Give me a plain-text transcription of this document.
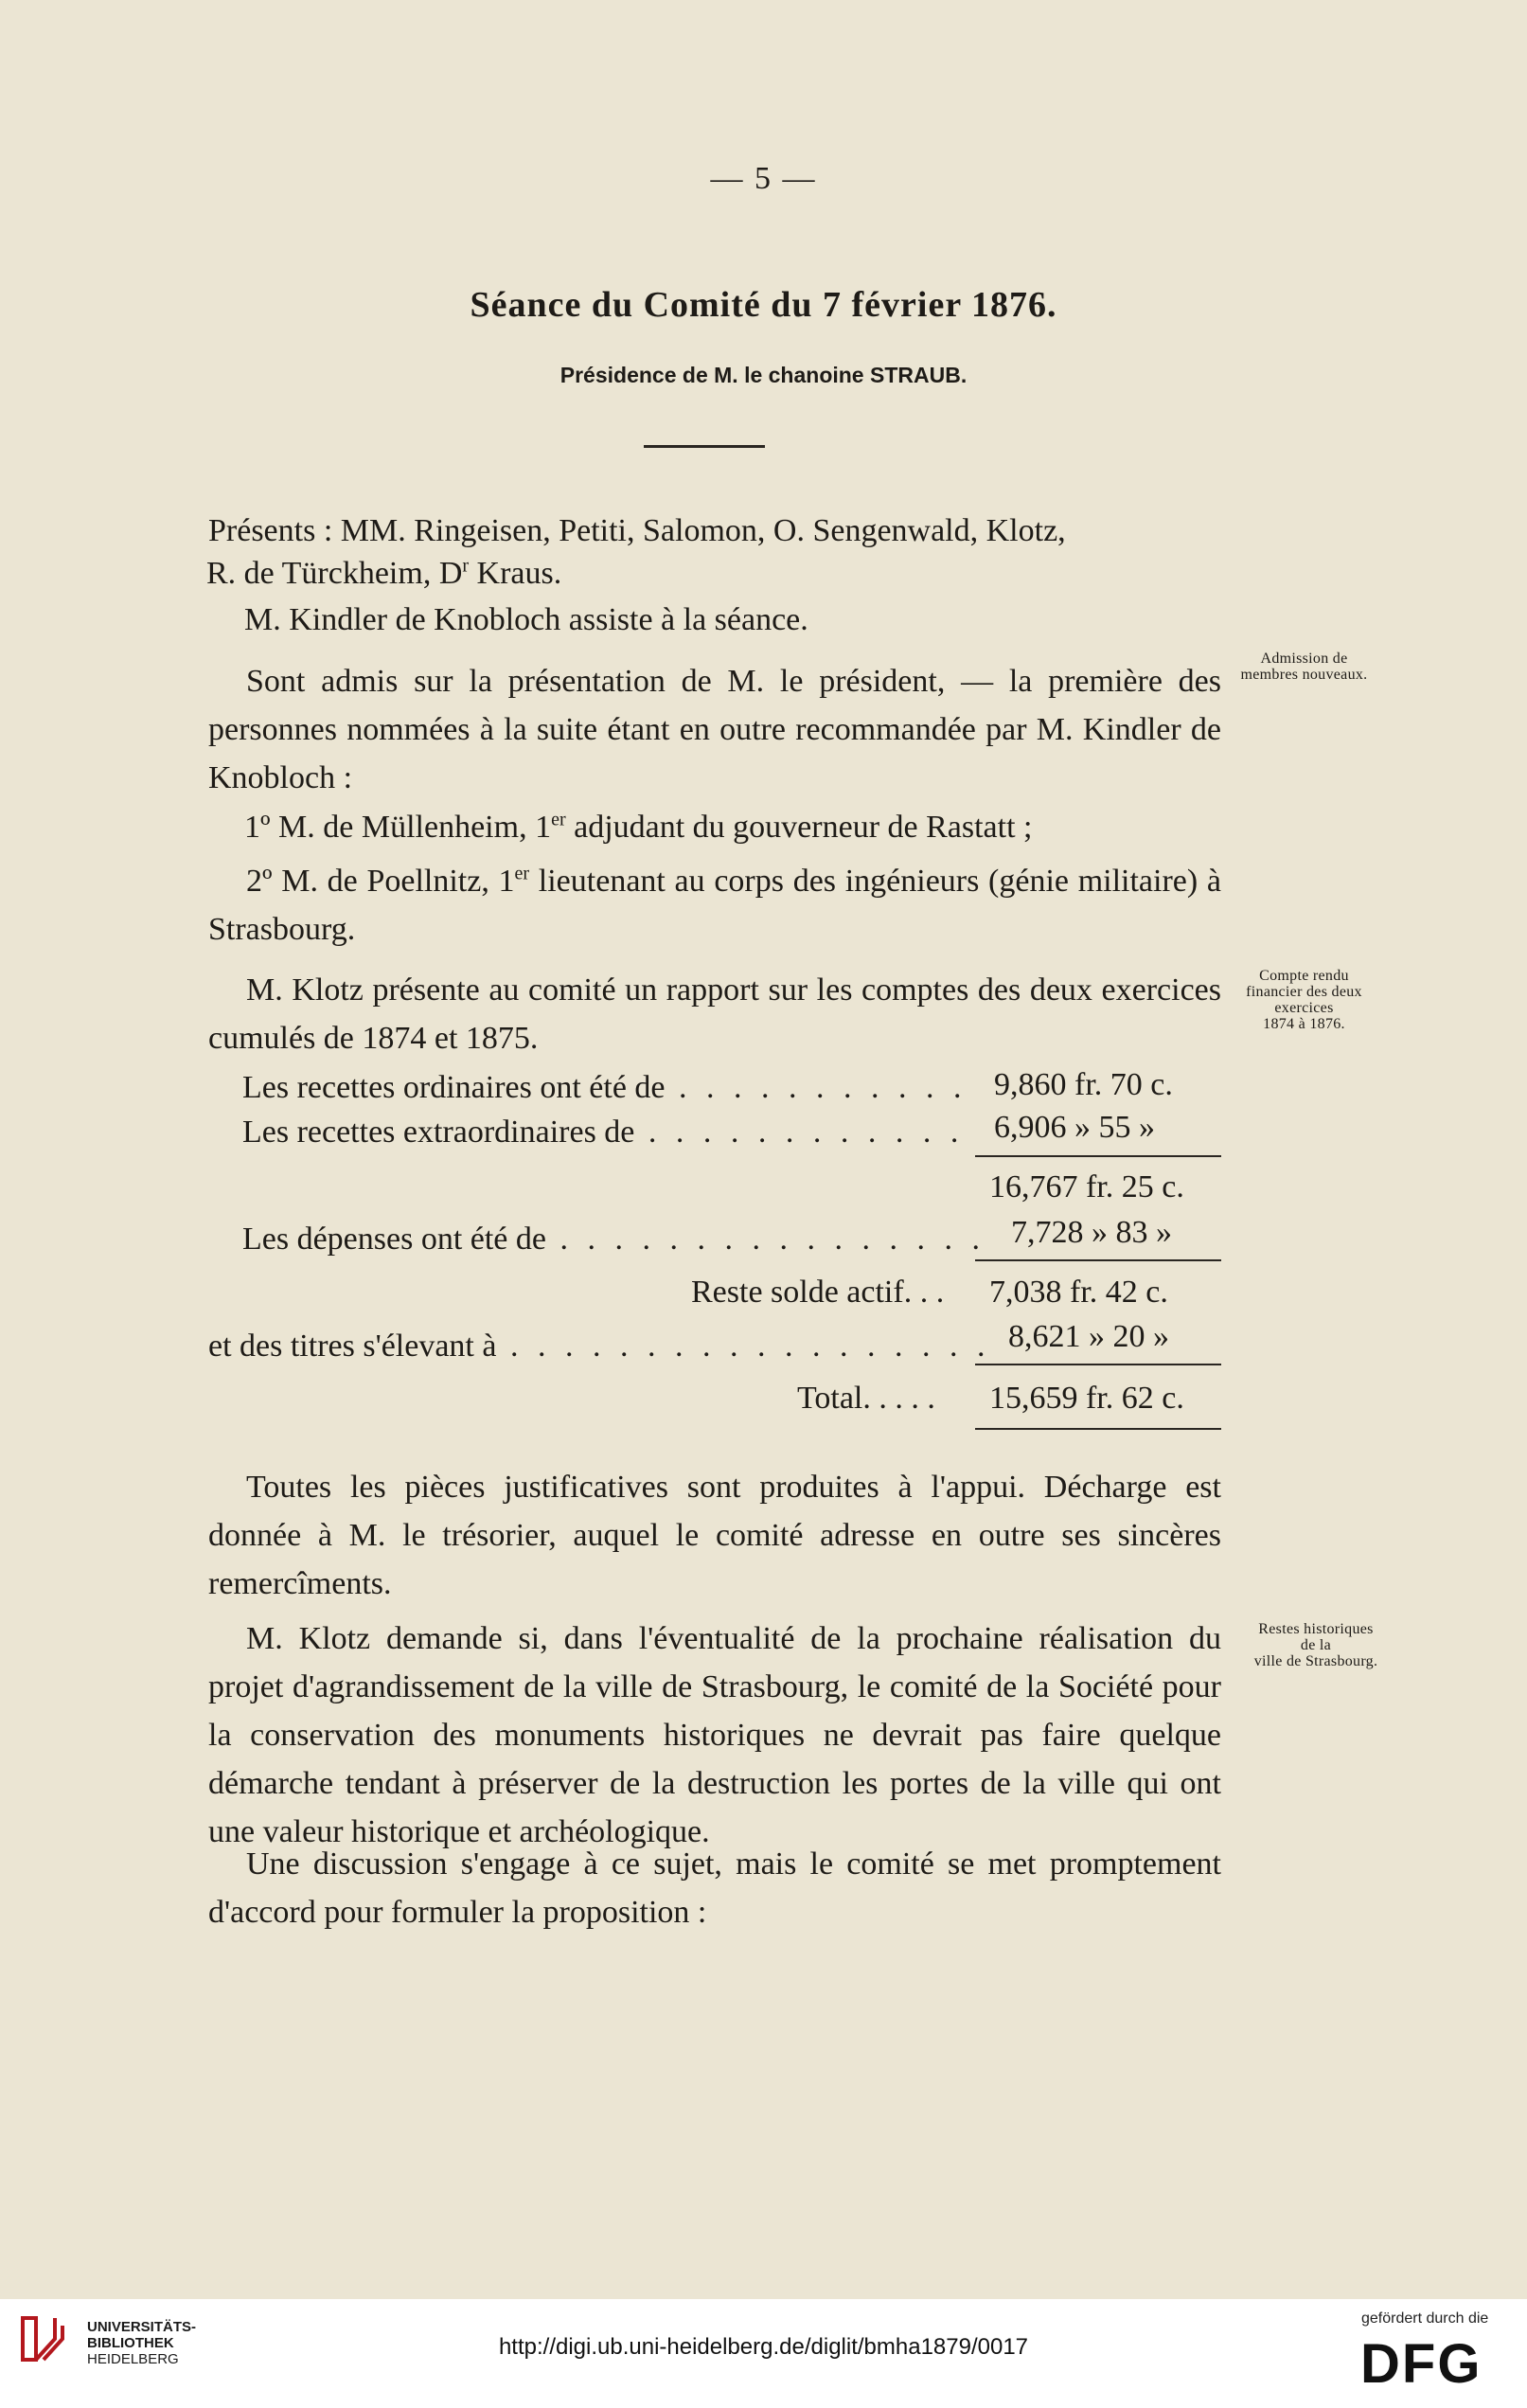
— 5 —
Séance du Comité du 7 février 1876.
Présidence de M. le chanoine STRAUB.
Présents : MM. Ringeisen, Petiti, Salomon, O. Sengenwald, Klotz,
R. de Türckheim, $D^r$ Kraus.
M. Kindler de Knobloch assiste à la séance.
Sont admis sur la présentation de M. le président, — la première des personnes nommées à la suite étant en outre recommandée par M. Kindler de Knobloch :
1º M. de Müllenheim, 1er adjudant du gouverneur de Rastatt ;
2º M. de Poellnitz, 1er lieutenant au corps des ingénieurs (génie militaire) à Strasbourg.
M. Klotz présente au comité un rapport sur les comptes des deux exercices cumulés de 1874 et 1875.
Les recettes ordinaires ont été de . . . . . . . . . . . 9,860 fr. 70 c.
Les recettes extraordinaires de . . . . . . . . . . . . 6,906 » 55 »
16,767 fr. 25 c.
Les dépenses ont été de . . . . . . . . . . . . . . . . 7,728 » 83 »
Reste solde actif. . . 7,038 fr. 42 c.
et des titres s'élevant à . . . . . . . . . . . . . . . . . . 8,621 » 20 »
Total. . . . . 15,659 fr. 62 c.
Toutes les pièces justificatives sont produites à l'appui. Décharge est donnée à M. le trésorier, auquel le comité adresse en outre ses sincères remercîments.
M. Klotz demande si, dans l'éventualité de la prochaine réalisation du projet d'agrandissement de la ville de Strasbourg, le comité de la Société pour la conservation des monuments historiques ne devrait pas faire quelque démarche tendant à préserver de la destruction les portes de la ville qui ont une valeur historique et archéologique.
Une discussion s'engage à ce sujet, mais le comité se met promptement d'accord pour formuler la proposition :
Admission de
membres nouveaux.
Compte rendu
financier des deux
exercices
1874 à 1876.
Restes historiques
de la
ville de Strasbourg.
UNIVERSITÄTS-
BIBLIOTHEK
HEIDELBERG	http://digi.ub.uni-heidelberg.de/diglit/bmha1879/0017
gefördert durch die
DFG
